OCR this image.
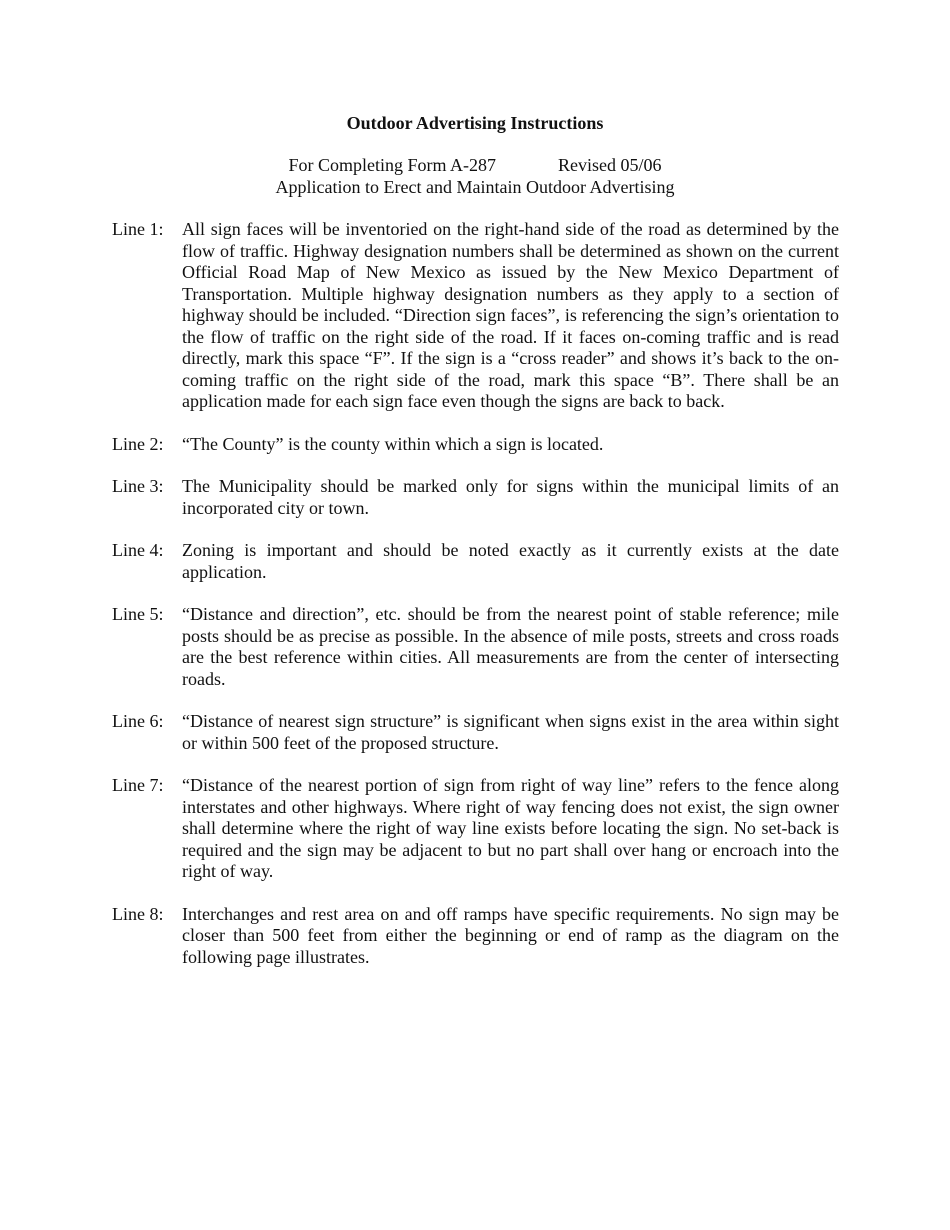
Outdoor Advertising Instructions
For Completing Form A-287	Revised 05/06
Application to Erect and Maintain Outdoor Advertising
Line 1:	All sign faces will be inventoried on the right-hand side of the road as determined by the flow of traffic. Highway designation numbers shall be determined as shown on the current Official Road Map of New Mexico as issued by the New Mexico Department of Transportation. Multiple highway designation numbers as they apply to a section of highway should be included. “Direction sign faces”, is referencing the sign’s orientation to the flow of traffic on the right side of the road. If it faces on-coming traffic and is read directly, mark this space “F”. If the sign is a “cross reader” and shows it’s back to the on-coming traffic on the right side of the road, mark this space “B”. There shall be an application made for each sign face even though the signs are back to back.
Line 2:	“The County” is the county within which a sign is located.
Line 3:	The Municipality should be marked only for signs within the municipal limits of an incorporated city or town.
Line 4:	Zoning is important and should be noted exactly as it currently exists at the date application.
Line 5:	“Distance and direction”, etc. should be from the nearest point of stable reference; mile posts should be as precise as possible. In the absence of mile posts, streets and cross roads are the best reference within cities. All measurements are from the center of intersecting roads.
Line 6:	“Distance of nearest sign structure” is significant when signs exist in the area within sight or within 500 feet of the proposed structure.
Line 7:	“Distance of the nearest portion of sign from right of way line” refers to the fence along interstates and other highways. Where right of way fencing does not exist, the sign owner shall determine where the right of way line exists before locating the sign. No set-back is required and the sign may be adjacent to but no part shall over hang or encroach into the right of way.
Line 8:	Interchanges and rest area on and off ramps have specific requirements. No sign may be closer than 500 feet from either the beginning or end of ramp as the diagram on the following page illustrates.
